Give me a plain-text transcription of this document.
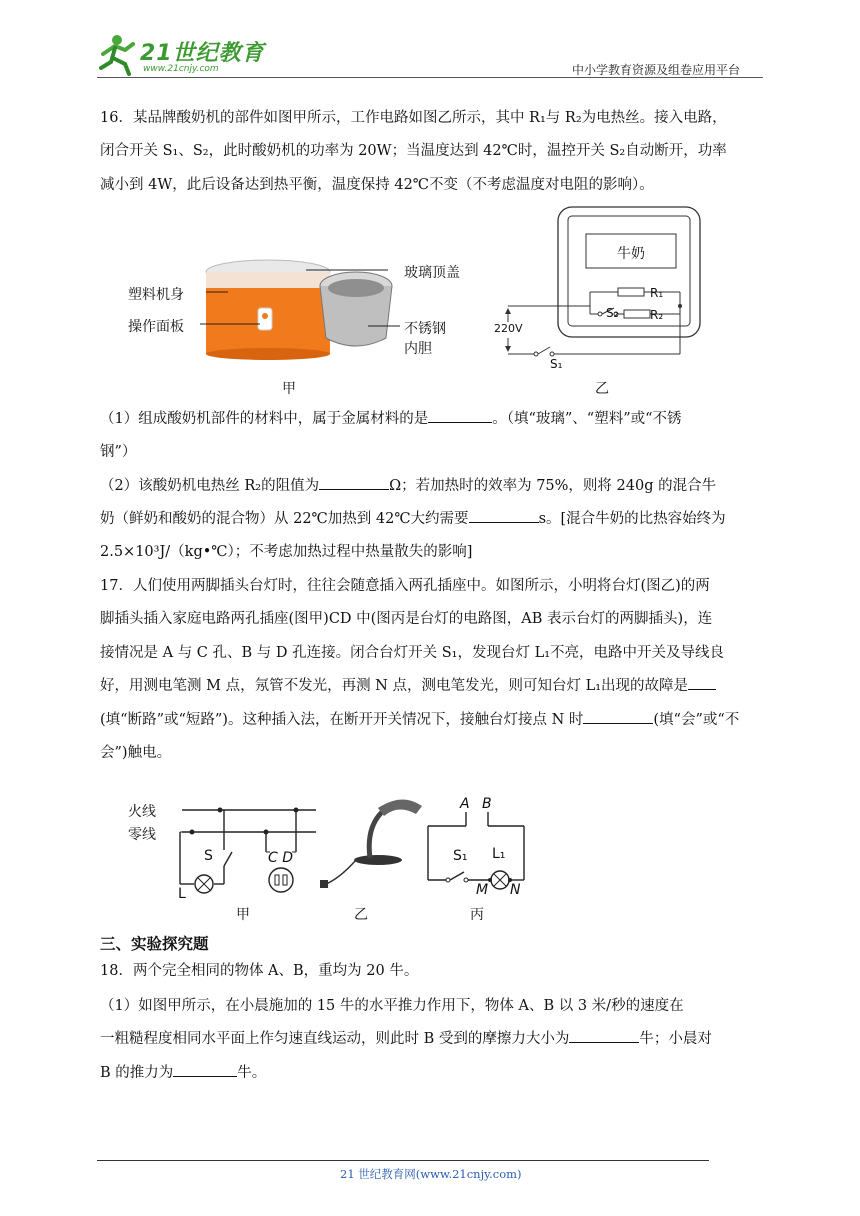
21世纪教育
www.21cnjy.com	中小学教育资源及组卷应用平台
16．某品牌酸奶机的部件如图甲所示，工作电路如图乙所示，其中 R₁与 R₂为电热丝。接入电路，
闭合开关 S₁、S₂，此时酸奶机的功率为 20W；当温度达到 42℃时，温控开关 S₂自动断开，功率
减小到 4W，此后设备达到热平衡，温度保持 42℃不变（不考虑温度对电阻的影响）。
玻璃顶盖
塑料机身
操作面板	不锈钢
内胆
甲
牛奶
R₁
S₂	R₂
220V
S₁
乙
（1）组成酸奶机部件的材料中，属于金属材料的是	。（填“玻璃”、“塑料”或“不锈
钢”）
（2）该酸奶机电热丝 R₂的阻值为	Ω；若加热时的效率为 75%，则将 240g 的混合牛
奶（鲜奶和酸奶的混合物）从 22℃加热到 42℃大约需要	s。[混合牛奶的比热容始终为
2.5×10³J/（kg•℃）；不考虑加热过程中热量散失的影响]
17．人们使用两脚插头台灯时，往往会随意插入两孔插座中。如图所示，小明将台灯(图乙)的两
脚插头插入家庭电路两孔插座(图甲)CD 中(图丙是台灯的电路图，AB 表示台灯的两脚插头)，连
接情况是 A 与 C 孔、B 与 D 孔连接。闭合台灯开关 S₁，发现台灯 L₁不亮，电路中开关及导线良
好，用测电笔测 M 点，氖管不发光，再测 N 点，测电笔发光，则可知台灯 L₁出现的故障是
(填“断路”或“短路”)。这种插入法，在断开开关情况下，接触台灯接点 N 时	(填“会”或“不
会”)触电。
火线
零线
S
L
C D
A B
S₁ L₁
M N
甲	乙	丙
三、实验探究题
18．两个完全相同的物体 A、B，重均为 20 牛。
（1）如图甲所示，在小晨施加的 15 牛的水平推力作用下，物体 A、B 以 3 米/秒的速度在
一粗糙程度相同水平面上作匀速直线运动，则此时 B 受到的摩擦力大小为	牛；小晨对
B 的推力为	牛。
21 世纪教育网(www.21cnjy.com)
